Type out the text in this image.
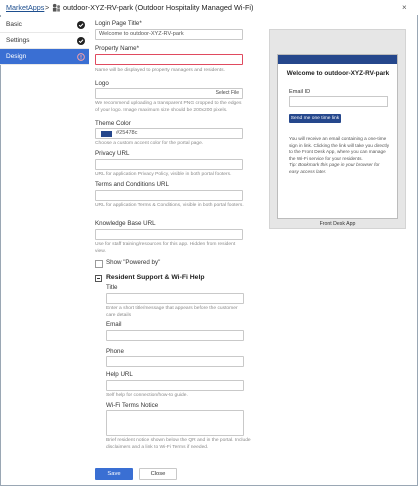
MarketApps > outdoor-XYZ-RV-park (Outdoor Hospitality Managed Wi-Fi)	×
Basic
Settings
Design
Login Page Title*
Welcome to outdoor-XYZ-RV-park
Property Name*
Name will be displayed to property managers and residents.
Logo
Select File
We recommend uploading a transparent PNG cropped to the edges of your logo. Image maximum size should be 200x200 pixels.
Theme Color
#25478c
Choose a custom accent color for the portal page.
Privacy URL
URL for application Privacy Policy, visible in both portal footers.
Terms and Conditions URL
URL for application Terms & Conditions, visible in both portal footers.
Knowledge Base URL
Use for staff training/resources for this app. Hidden from resident view.
Show "Powered by"
Resident Support & Wi-Fi Help
Title
Enter a short title/message that appears before the customer care details
Email
Phone
Help URL
Self help for connection/how-to guide.
Wi-Fi Terms Notice
Brief resident notice shown below the QR and in the portal. Include disclaimers and a link to Wi-Fi Terms if needed.
Save	Close
Welcome to outdoor-XYZ-RV-park
Email ID
Send me one time link
You will receive an email containing a one-time sign in link. Clicking the link will take you directly to the Front Desk App, where you can manage the Wi-Fi service for your residents.
Tip: Bookmark this page in your browser for easy access later.
Front Desk App
